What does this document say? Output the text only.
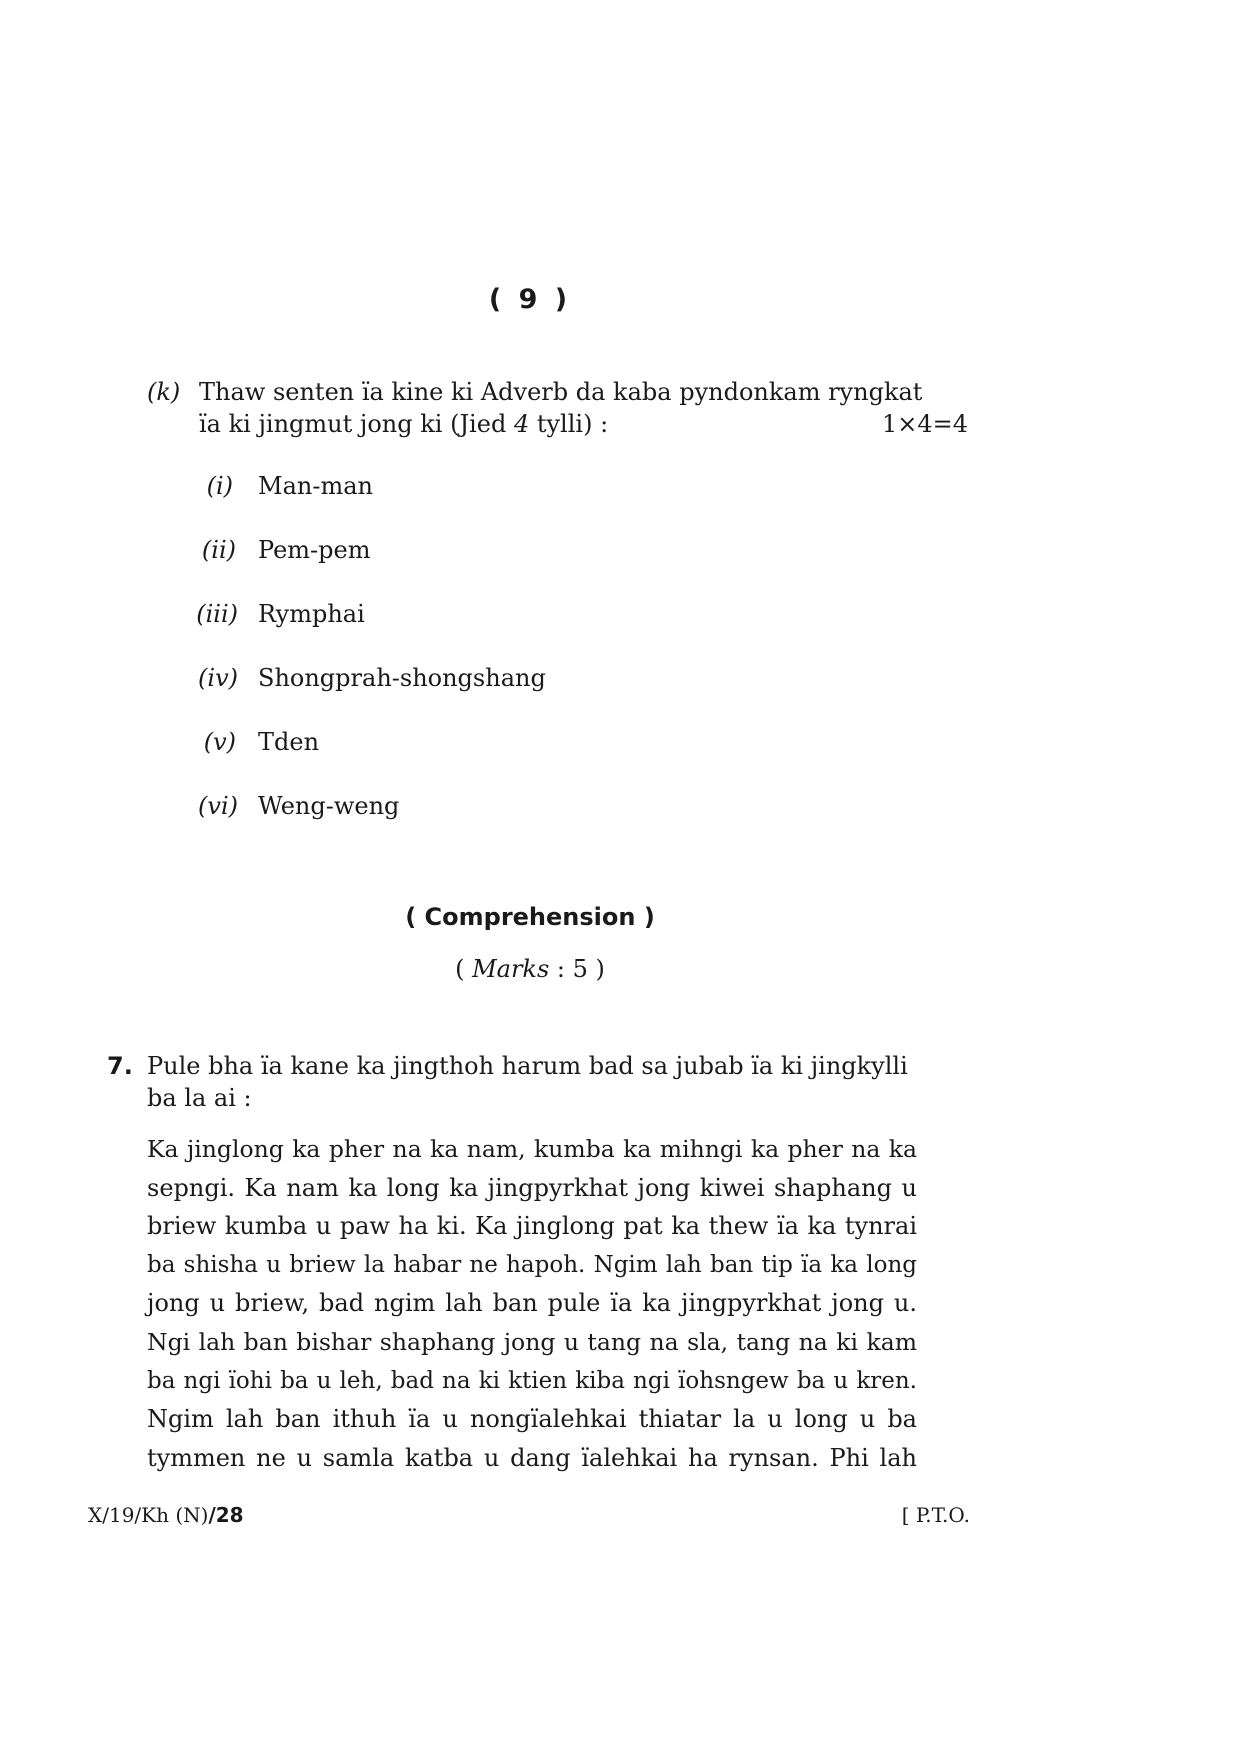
( 9 )
(k) Thaw senten ïa kine ki Adverb da kaba pyndonkam ryngkat
ïa ki jingmut jong ki (Jied 4 tylli) :	1×4=4
(i) Man-man
(ii) Pem-pem
(iii) Rymphai
(iv) Shongprah-shongshang
(v) Tden
(vi) Weng-weng
( Comprehension )
( Marks : 5 )
7. Pule bha ïa kane ka jingthoh harum bad sa jubab ïa ki jingkylli
ba la ai :
Ka jinglong ka pher na ka nam, kumba ka mihngi ka pher na ka
sepngi. Ka nam ka long ka jingpyrkhat jong kiwei shaphang u
briew kumba u paw ha ki. Ka jinglong pat ka thew ïa ka tynrai
ba shisha u briew la habar ne hapoh. Ngim lah ban tip ïa ka long
jong u briew, bad ngim lah ban pule ïa ka jingpyrkhat jong u.
Ngi lah ban bishar shaphang jong u tang na sla, tang na ki kam
ba ngi ïohi ba u leh, bad na ki ktien kiba ngi ïohsngew ba u kren.
Ngim lah ban ithuh ïa u nongïalehkai thiatar la u long u ba
tymmen ne u samla katba u dang ïalehkai ha rynsan. Phi lah
X/19/Kh (N)/28	[ P.T.O.
